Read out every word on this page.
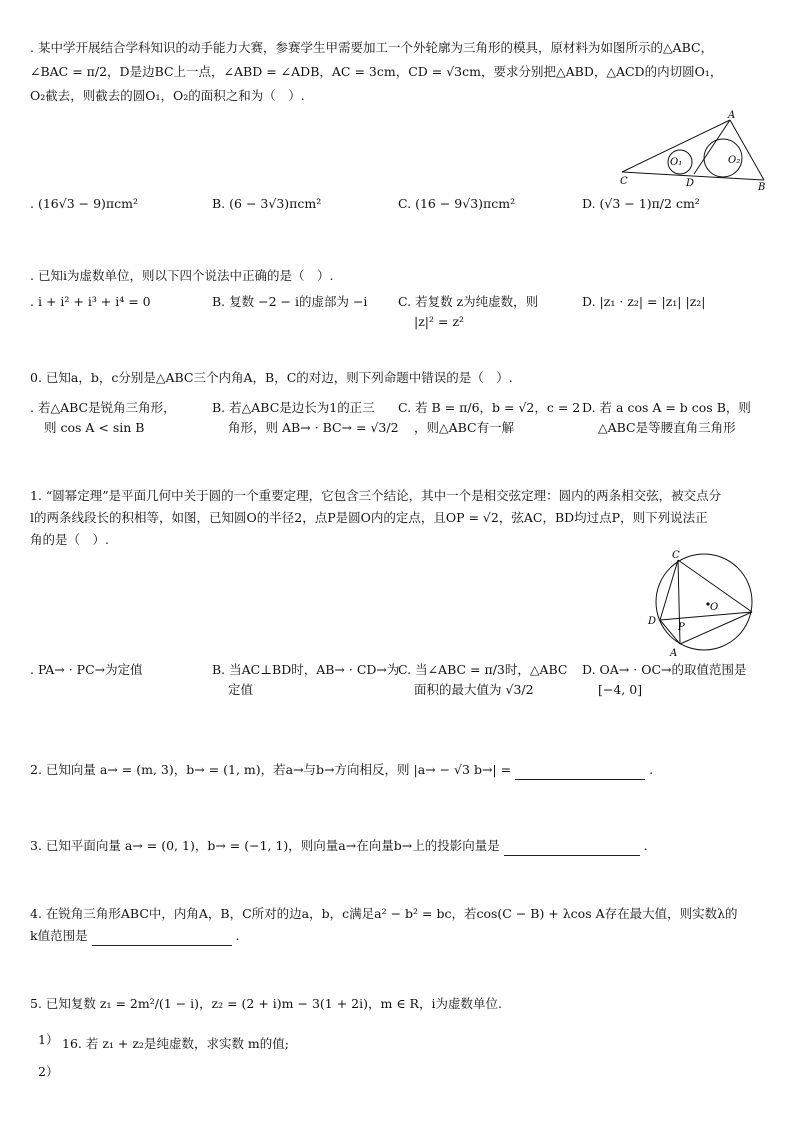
. 某中学开展结合学科知识的动手能力大赛，参赛学生甲需要加工一个外轮廓为三角形的模具，原材料为如图所示的△ABC，
∠BAC = π/2，D是边BC上一点，∠ABD = ∠ADB，AC = 3cm，CD = √3cm，要求分别把△ABD，△ACD的内切圆O₁，
O₂截去，则截去的圆O₁，O₂的面积之和为（　）.
A
C	D	B
O₁	O₂
. (16√3 − 9)πcm²	B. (6 − 3√3)πcm²	C. (16 − 9√3)πcm²	D. (√3 − 1)π/2 cm²
. 已知i为虚数单位，则以下四个说法中正确的是（　）.
. i + i² + i³ + i⁴ = 0	B. 复数 −2 − i的虚部为 −i C. 若复数 z为纯虚数，则
|z|² = z²
D. |z₁ · z₂| = |z₁| |z₂|
0. 已知a，b，c分别是△ABC三个内角A，B，C的对边，则下列命题中错误的是（　）.
. 若△ABC是锐角三角形，
则 cos A < sin B
B. 若△ABC是边长为1的正三
角形，则 AB→ · BC→ = √3/2
C. 若 B = π/6，b = √2，c = 2
，则△ABC有一解
D. 若 a cos A = b cos B，则
△ABC是等腰直角三角形
1. “圆幂定理”是平面几何中关于圆的一个重要定理，它包含三个结论，其中一个是相交弦定理：圆内的两条相交弦，被交点分
l的两条线段长的积相等，如图，已知圆O的半径2，点P是圆O内的定点，且OP = √2，弦AC，BD均过点P，则下列说法正
角的是（　）.
C
O
D
P
A
. PA→ · PC→为定值	B. 当AC⊥BD时，AB→ · CD→为
定值
C. 当∠ABC = π/3时，△ABC
面积的最大值为 √3/2
D. OA→ · OC→的取值范围是
[−4, 0]
2. 已知向量 a→ = (m, 3)，b→ = (1, m)，若a→与b→方向相反，则 |a→ − √3 b→| =	.
3. 已知平面向量 a→ = (0, 1)，b→ = (−1, 1)，则向量a→在向量b→上的投影向量是	.
4. 在锐角三角形ABC中，内角A，B，C所对的边a，b，c满足a² − b² = bc，若cos(C − B) + λcos A存在最大值，则实数λ的
k值范围是	.
5. 已知复数 z₁ = 2m²/(1 − i)，z₂ = (2 + i)m − 3(1 + 2i)，m ∈ R，i为虚数单位.
1） 16. 若 z₁ + z₂是纯虚数，求实数 m的值;
2）
